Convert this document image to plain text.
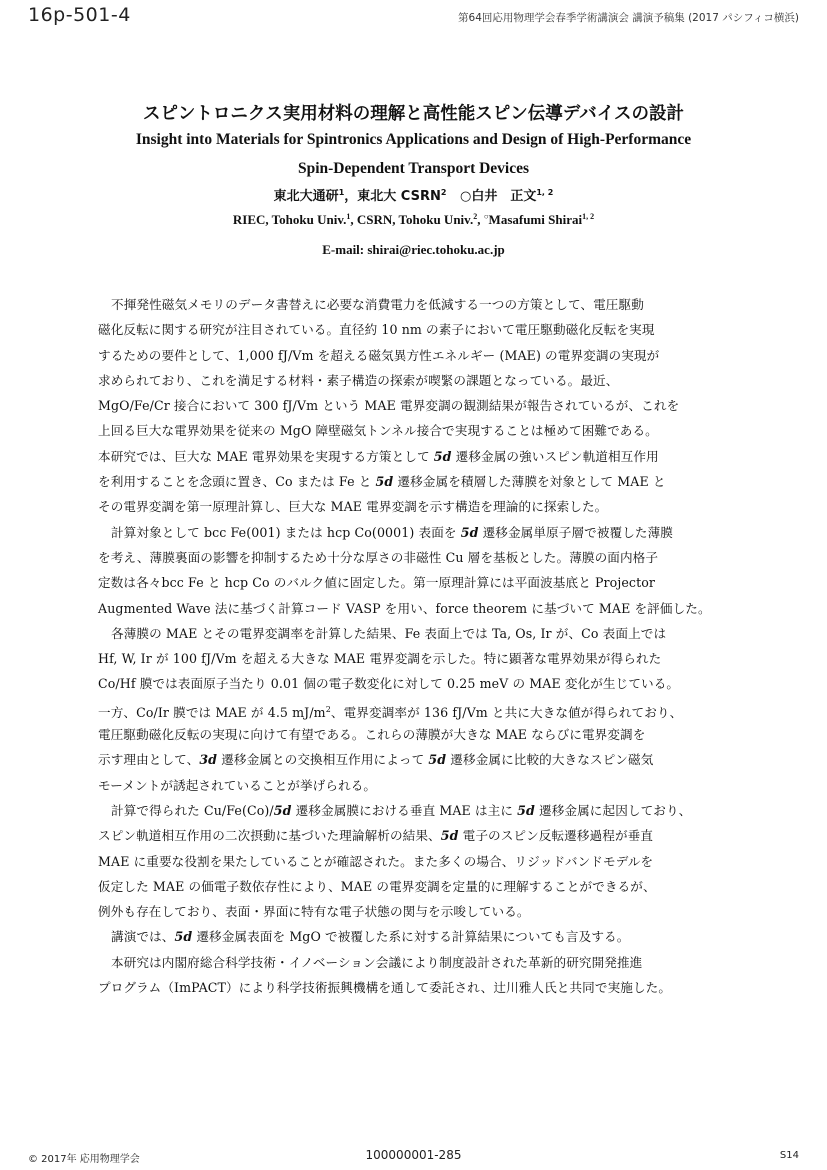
16p-501-4	第64回応用物理学会春季学術講演会 講演予稿集 (2017 パシフィコ横浜)
スピントロニクス実用材料の理解と高性能スピン伝導デバイスの設計
Insight into Materials for Spintronics Applications and Design of High-Performance
Spin-Dependent Transport Devices
東北大通研$^1$，東北大 CSRN$^2$ ○白井　正文$^{1, 2}$
RIEC, Tohoku Univ.$^1$, CSRN, Tohoku Univ.$^2$, ○Masafumi Shirai$^{1, 2}$
E-mail: shirai@riec.tohoku.ac.jp
不揮発性磁気メモリのデータ書替えに必要な消費電力を低減する一つの方策として、電圧駆動
磁化反転に関する研究が注目されている。直径約 10 nm の素子において電圧駆動磁化反転を実現
するための要件として、1,000 fJ/Vm を超える磁気異方性エネルギー (MAE) の電界変調の実現が
求められており、これを満足する材料・素子構造の探索が喫緊の課題となっている。最近、
MgO/Fe/Cr 接合において 300 fJ/Vm という MAE 電界変調の観測結果が報告されているが、これを
上回る巨大な電界効果を従来の MgO 障壁磁気トンネル接合で実現することは極めて困難である。
本研究では、巨大な MAE 電界効果を実現する方策として 5d 遷移金属の強いスピン軌道相互作用
を利用することを念頭に置き、Co または Fe と 5d 遷移金属を積層した薄膜を対象として MAE と
その電界変調を第一原理計算し、巨大な MAE 電界変調を示す構造を理論的に探索した。
計算対象として bcc Fe(001) または hcp Co(0001) 表面を 5d 遷移金属単原子層で被覆した薄膜
を考え、薄膜裏面の影響を抑制するため十分な厚さの非磁性 Cu 層を基板とした。薄膜の面内格子
定数は各々bcc Fe と hcp Co のバルク値に固定した。第一原理計算には平面波基底と Projector
Augmented Wave 法に基づく計算コード VASP を用い、force theorem に基づいて MAE を評価した。
各薄膜の MAE とその電界変調率を計算した結果、Fe 表面上では Ta, Os, Ir が、Co 表面上では
Hf, W, Ir が 100 fJ/Vm を超える大きな MAE 電界変調を示した。特に顕著な電界効果が得られた
Co/Hf 膜では表面原子当たり 0.01 個の電子数変化に対して 0.25 meV の MAE 変化が生じている。
一方、Co/Ir 膜では MAE が 4.5 $mJ/m^2$、電界変調率が 136 fJ/Vm と共に大きな値が得られており、
電圧駆動磁化反転の実現に向けて有望である。これらの薄膜が大きな MAE ならびに電界変調を
示す理由として、3d 遷移金属との交換相互作用によって 5d 遷移金属に比較的大きなスピン磁気
モーメントが誘起されていることが挙げられる。
計算で得られた Cu/Fe(Co)/5d 遷移金属膜における垂直 MAE は主に 5d 遷移金属に起因しており、
スピン軌道相互作用の二次摂動に基づいた理論解析の結果、5d 電子のスピン反転遷移過程が垂直
MAE に重要な役割を果たしていることが確認された。また多くの場合、リジッドバンドモデルを
仮定した MAE の価電子数依存性により、MAE の電界変調を定量的に理解することができるが、
例外も存在しており、表面・界面に特有な電子状態の関与を示唆している。
講演では、5d 遷移金属表面を MgO で被覆した系に対する計算結果についても言及する。
本研究は内閣府総合科学技術・イノベーション会議により制度設計された革新的研究開発推進
プログラム（ImPACT）により科学技術振興機構を通して委託され、辻川雅人氏と共同で実施した。
© 2017年 応用物理学会	100000001-285	S14
